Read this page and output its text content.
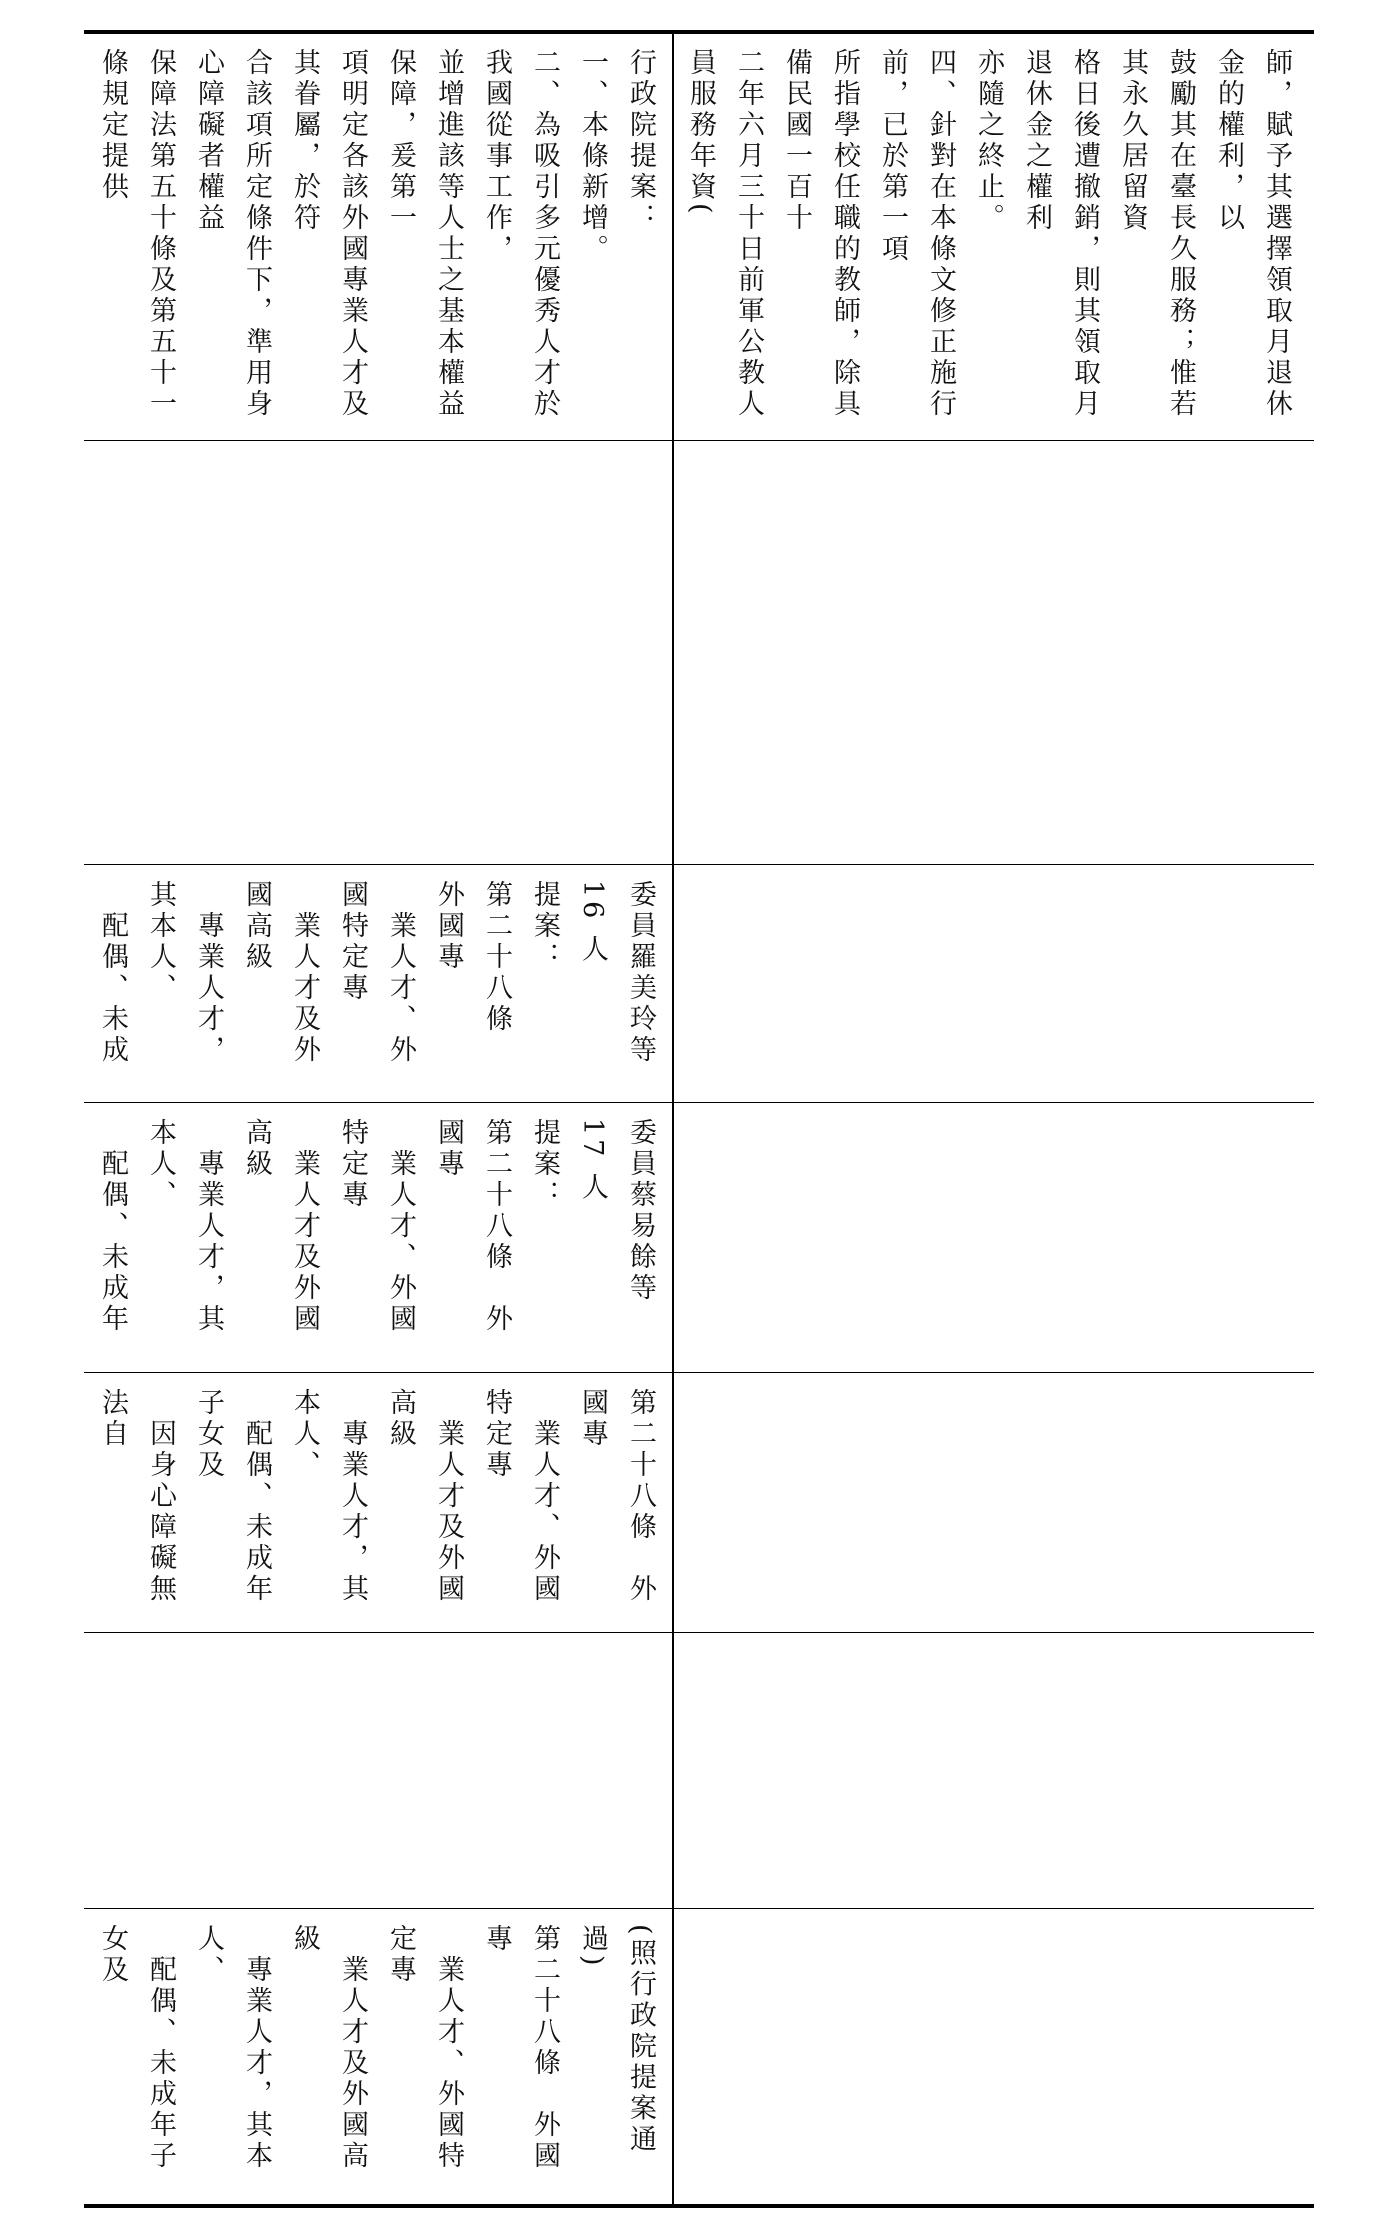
師，賦予其選擇領取月退休金的權利，以
鼓勵其在臺長久服務；惟若其永久居留資
格日後遭撤銷，則其領取月退休金之權利
亦隨之終止。
四、針對在本條文修正施行前，已於第一項
所指學校任職的教師，除具備民國一百十
二年六月三十日前軍公教人員服務年資(

行政院提案：
一、本條新增。
二、為吸引多元優秀人才於我國從事工作，
並增進該等人士之基本權益保障，爰第一
項明定各該外國專業人才及其眷屬，於符
合該項所定條件下，準用身心障礙者權益
保障法第五十條及第五十一條規定提供

委員羅美玲等 16 人
提案：
第二十八條　外國專
　業人才、外國特定專
　業人才及外國高級
　專業人才，其本人、
　配偶、未成

委員蔡易餘等 17 人
提案：
第二十八條　外國專
　業人才、外國特定專
　業人才及外國高級
　專業人才，其本人、
　配偶、未成年

第二十八條　外國專
　業人才、外國特定專
　業人才及外國高級
　專業人才，其本人、
　配偶、未成年子女及
　因身心障礙無法自

(照行政院提案通過)
第二十八條　外國專
　業人才、外國特定專
　業人才及外國高級
　專業人才，其本人、
　配偶、未成年子女及
